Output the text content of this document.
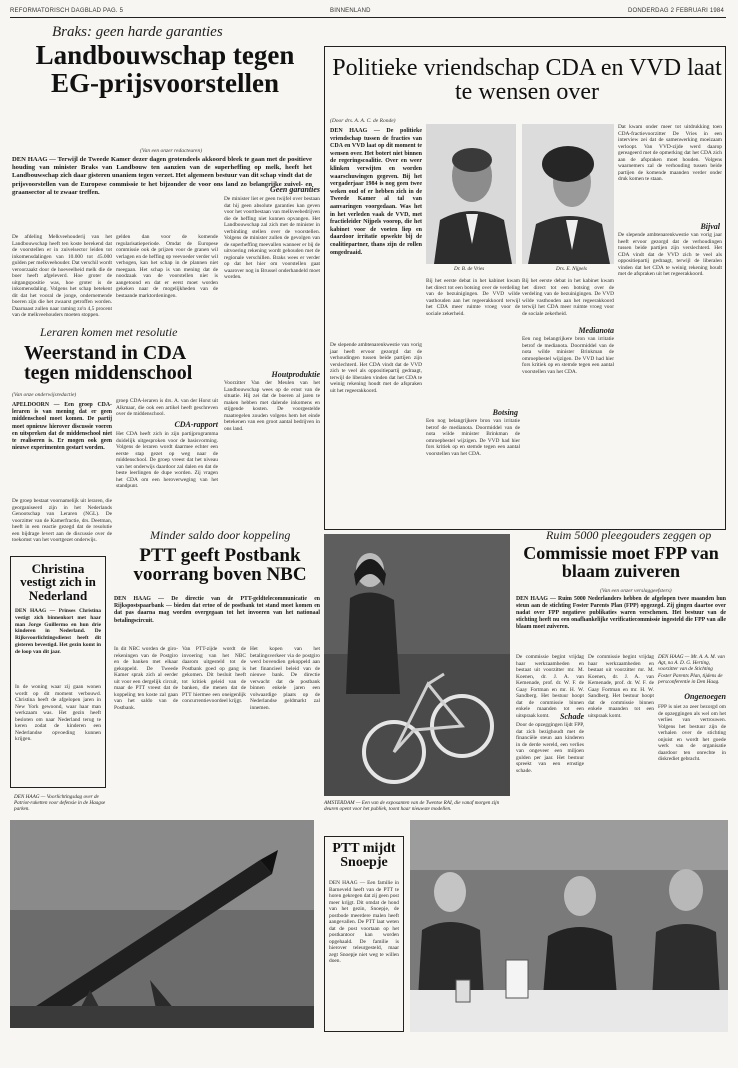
REFORMATORISCH DAGBLAD PAG. 5	BINNENLAND	DONDERDAG 2 FEBRUARI 1984
Braks: geen harde garanties
Landbouwschap tegen EG-prijsvoorstellen
(Van een onzer redacteuren)
DEN HAAG — Terwijl de Tweede Kamer dezer dagen grotendeels akkoord bleek te gaan met de positieve houding van minister Braks van Landbouw ten aanzien van de superheffing op melk, heeft het Landbouwschap zich daar gisteren unaniem tegen verzet. Het algemeen bestuur van dit schap vindt dat de prijsvoorstellen van de Europese commissie te het bijzonder de voor ons land zo belangrijke zuivel- en graansector al te zwaar treffen.
De afdeling Melkveehouderij van het Landbouwschap heeft ten koste berekend dat de voorstellen er in zuivelsector leiden tot inkomensdalingen van 10.000 tot 45.000 gulden per melkveehouder. Dat verschil wordt veroorzaakt door de hoeveelheid melk die de boer heeft afgeleverd. Hoe groter de uitgangspositie was, hoe groter is de inkomensdaling. Volgens het schap betekent dit dat het vooral de jonge, ondernemende boeren zijn die het zwaarst getroffen worden. Daarnaast zullen naar raming zo'n 4,5 procent van de melkveehouders moeten stoppen.
gelden dan voor de komende regularisatieperiode. Omdat de Europese commissie ook de prijzen voor de granen wil verlagen en de heffing op veevoeder verder wil verhogen, kan het schap in de plannen niet meegaan. Het schap is van mening dat de noodzaak van de voorstellen niet is aangetoond en dat er eerst moet worden gekeken naar de mogelijkheden van de bestaande marktordeningen.
Geen garanties
De minister liet er geen twijfel over bestaan dat hij geen absolute garanties kan geven voor het voortbestaan van melkveebedrijven die de heffing niet kunnen opvangen. Het Landbouwschap zal zich met de minister in verbinding stellen over de voorstellen. Volgens de minister zullen de gevolgen van de superheffing meevallen wanneer er bij de uitvoering rekening wordt gehouden met de regionale verschillen. Braks wees er verder op dat het hier om voorstellen gaat waarover nog in Brussel onderhandeld moet worden.
Houtproduktie
Voorzitter Van der Meulen van het Landbouwschap wees op de ernst van de situatie. Hij zei dat de boeren al jaren te maken hebben met dalende inkomens en stijgende kosten. De voorgestelde maatregelen zouden volgens hem het einde betekenen van een groot aantal bedrijven in ons land.
Leraren komen met resolutie
Weerstand in CDA tegen middenschool
(Van onze onderwijsredactie)
APELDOORN — Een groep CDA-leraren is van mening dat er geen middenschool moet komen. De partij moet opnieuw hierover discussie voeren en uitspreken dat de middenschool niet te realiseren is. Er mogen ook geen nieuwe experimenten gestart worden.
De groep bestaat voornamelijk uit leraren, die georganiseerd zijn in het Nederlands Genootschap van Leraren (NGL). De voorzitter van de Kamerfractie, drs. Deetman, heeft in een reactie gezegd dat de resolutie een bijdrage levert aan de discussie over de toekomst van het voortgezet onderwijs.
groep CDA-leraren is drs. A. van der Horst uit Alkmaar, die ook een artikel heeft geschreven over de middenschool.
CDA-rapport
Het CDA heeft zich in zijn partijprogramma duidelijk uitgesproken voor de basisvorming. Volgens de leraren wordt daarmee echter een eerste stap gezet op weg naar de middenschool. De groep vreest dat het niveau van het onderwijs daardoor zal dalen en dat de beste leerlingen de dupe worden. Zij vragen het CDA om een heroverweging van het standpunt.
Politieke vriendschap CDA en VVD laat te wensen over
(Door drs. A. A. C. de Ronde)
DEN HAAG — De politieke vriendschap tussen de fracties van CDA en VVD laat op dit moment te wensen over. Het botert niet binnen de regeringscoalitie. Over en weer klinken verwijten en worden waarschuwingen gegeven. Bij het vergaderjaar 1984 is nog geen twee weken oud of er hebben zich in de Tweede Kamer al tal van aanvaringen voorgedaan. Was het in het verleden vaak de VVD, met fractieleider Nijpels voorop, die het kabinet voor de voeten liep en daardoor irritatie opwekte bij de coalitiepartner, thans zijn de rollen omgedraaid.
Dr. B. de Vries	Drs. E. Nijpels
Dat kwam onder meer tot uitdrukking toen CDA-fractievoorzitter De Vries in een interview zei dat de samenwerking moeizaam verloopt. Van VVD-zijde werd daarop gereageerd met de opmerking dat het CDA zich aan de afspraken moet houden. Volgens waarnemers zal de verhouding tussen beide partijen de komende maanden verder onder druk komen te staan.
Bijval
De slepende ambtenarenkwestie van vorig jaar heeft ervoor gezorgd dat de verhoudingen tussen beide partijen zijn verslechterd. Het CDA vindt dat de VVD zich te veel als oppositiepartij gedraagt, terwijl de liberalen vinden dat het CDA te weinig rekening houdt met de afspraken uit het regeerakkoord.
De slepende ambtenarenkwestie van vorig jaar heeft ervoor gezorgd dat de verhoudingen tussen beide partijen zijn verslechterd. Het CDA vindt dat de VVD zich te veel als oppositiepartij gedraagt, terwijl de liberalen vinden dat het CDA te weinig rekening houdt met de afspraken uit het regeerakkoord.
Bij het eerste debat in het kabinet kwam het direct tot een botsing over de verdeling van de bezuinigingen. De VVD wilde vasthouden aan het regeerakkoord terwijl het CDA meer ruimte vroeg voor de sociale zekerheid.
Botsing
Een nog belangrijkere bron van irritatie betrof de medianota. Doormiddel van de nota wilde minister Brinkman de omroepbestel wijzigen. De VVD had hier fors kritiek op en stemde tegen een aantal voorstellen van het CDA.
Bij het eerste debat in het kabinet kwam het direct tot een botsing over de verdeling van de bezuinigingen. De VVD wilde vasthouden aan het regeerakkoord terwijl het CDA meer ruimte vroeg voor de sociale zekerheid.
Medianota
Een nog belangrijkere bron van irritatie betrof de medianota. Doormiddel van de nota wilde minister Brinkman de omroepbestel wijzigen. De VVD had hier fors kritiek op en stemde tegen een aantal voorstellen van het CDA.
Christina vestigt zich in Nederland
DEN HAAG — Prinses Christina vestigt zich binnenkort met haar man Jorge Guillermo en hun drie kinderen in Nederland. De Rijksvoorlichtingsdienst heeft dit gisteren bevestigd. Het gezin komt in de loop van dit jaar.
In de woning waar zij gaan wonen wordt op dit moment verbouwd. Christina heeft de afgelopen jaren in New York gewoond, waar haar man werkzaam was. Het gezin heeft besloten om naar Nederland terug te keren zodat de kinderen een Nederlandse opvoeding kunnen krijgen.
DEN HAAG — Voorlichtingsdag over de Patriot-raketten voor defensie in de Haagse parken.
Minder saldo door koppeling
PTT geeft Postbank voorrang boven NBC
DEN HAAG — De directie van de PTT-geldtelecommunicatie en Rijkspostspaarbank — bieden dat ertoe of de postbank tot stand moet komen en dat pas daarna mag worden overgegaan tot het invoeren van het nationaal betalingscircuit.
In dit NBC worden de giro-rekeningen van de Postgiro en de banken met elkaar gekoppeld. De Tweede Kamer sprak zich al eerder uit voor een dergelijk circuit, maar de PTT vreest dat de koppeling ten koste zal gaan van het saldo van de Postbank.
Van PTT-zijde wordt de invoering van het NBC daarom uitgesteld tot de Postbank goed op gang is gekomen. Dit besluit heeft tot kritiek geleid van de banken, die menen dat de PTT hiermee een oneigenlijk concurrentievoordeel krijgt.
Het kopen van het betalingsverkeer via de postgiro werd bovendien gekoppeld aan het financieel beleid van de nieuwe bank. De directie verwacht dat de postbank binnen enkele jaren een volwaardige plaats op de Nederlandse geldmarkt zal innemen.
AMSTERDAM — Een van de exposanten van de Twentse RAI, die vanaf morgen zijn deuren opent voor het publiek, toont haar nieuwste modellen.
Ruim 5000 pleegouders zeggen op
Commissie moet FPP van blaam zuiveren
(Van een onzer verslaggeefsters)
DEN HAAG — Ruim 5000 Nederlanders hebben de afgelopen twee maanden hun steun aan de stichting Foster Parents Plan (FPP) opgezegd. Zij gingen daartoe over nadat over FPP negatieve publikaties waren verschenen. Het bestuur van de stichting heeft nu een onafhankelijke verificatiecommissie ingesteld die FPP van alle blaam moet zuiveren.
De commissie begint vrijdag haar werkzaamheden en bestaat uit voorzitter mr. M. Koenen, dr. J. A. van Kemenade, prof. dr. W. F. de Gaay Fortman en mr. H. W. Sandberg. Het bestuur hoopt dat de commissie binnen enkele maanden tot een uitspraak komt.	Schade
Door de opzeggingen lijdt FPP, dat zich bezighoudt met de financiële steun aan kinderen in de derde wereld, een verlies van ongeveer een miljoen gulden per jaar. Het bestuur spreekt van een ernstige schade.
De commissie begint vrijdag haar werkzaamheden en bestaat uit voorzitter mr. M. Koenen, dr. J. A. van Kemenade, prof. dr. W. F. de Gaay Fortman en mr. H. W. Sandberg. Het bestuur hoopt dat de commissie binnen enkele maanden tot een uitspraak komt.
Ongenoegen
FPP is niet zo zeer bezorgd om de opzeggingen als wel om het verlies van vertrouwen. Volgens het bestuur zijn de verhalen over de stichting onjuist en wordt het goede werk van de organisatie daardoor ten onrechte in diskrediet gebracht.
DEN HAAG — Mr. A. A. M. van Agt, na A. D. G. Herting, voorzitter van de Stichting Foster Parents Plan, tijdens de persconferentie in Den Haag.
PTT mijdt Snoepje
DEN HAAG — Een familie in Barneveld heeft van de PTT te horen gekregen dat zij geen post meer krijgt. Dit omdat de hond van het gezin, Snoepje, de postbode meerdere malen heeft aangevallen. De PTT laat weten dat de post voortaan op het postkantoor kan worden opgehaald. De familie is hierover teleurgesteld, maar zegt Snoepje niet weg te willen doen.
